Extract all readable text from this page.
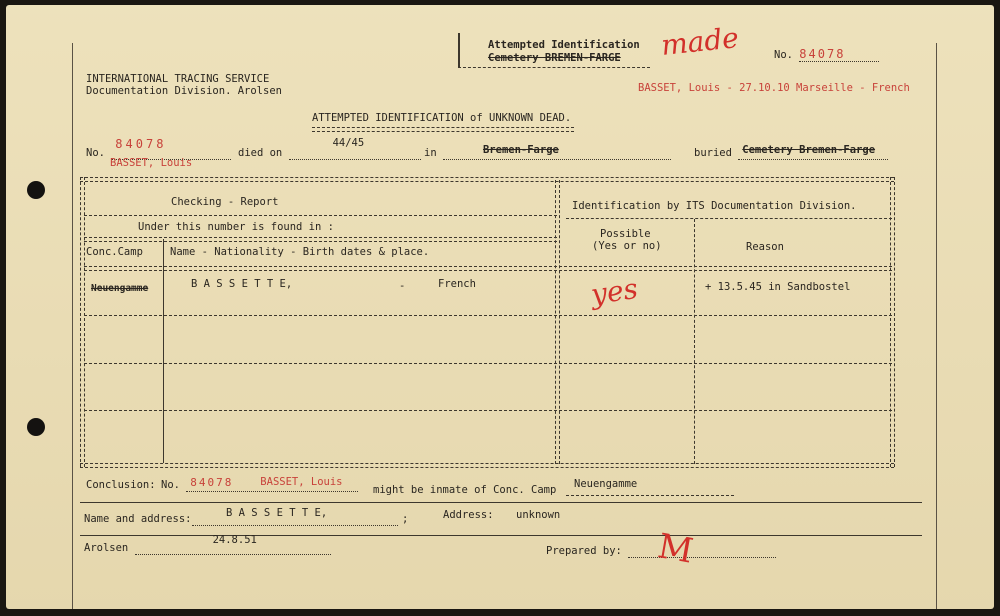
Attempted Identification
Cemetery BREMEN-FARGE made	No. 84078
INTERNATIONAL TRACING SERVICE
Documentation Division. Arolsen	BASSET, Louis - 27.10.10 Marseille - French
ATTEMPTED IDENTIFICATION of UNKNOWN DEAD.
No.
84078

BASSET, Louis
died on
44/45

in	Bremen-Farge
	buried Cemetery Bremen-Farge

Checking - Report	Identification by ITS Documentation Division.
Under this number is found in :
Conc.Camp	Name - Nationality - Birth dates & place.
Possible
(Yes or no)	Reason
Neuengamme	B A S S E T T E,	-	French	yes	+ 13.5.45 in Sandbostel
Conclusion: No. 84078	BASSET, Louis

might be inmate of Conc. Camp Neuengamme
Name and address:	B A S S E T T E,	;	Address: unknown
Arolsen
24.8.51

Prepared by: M
